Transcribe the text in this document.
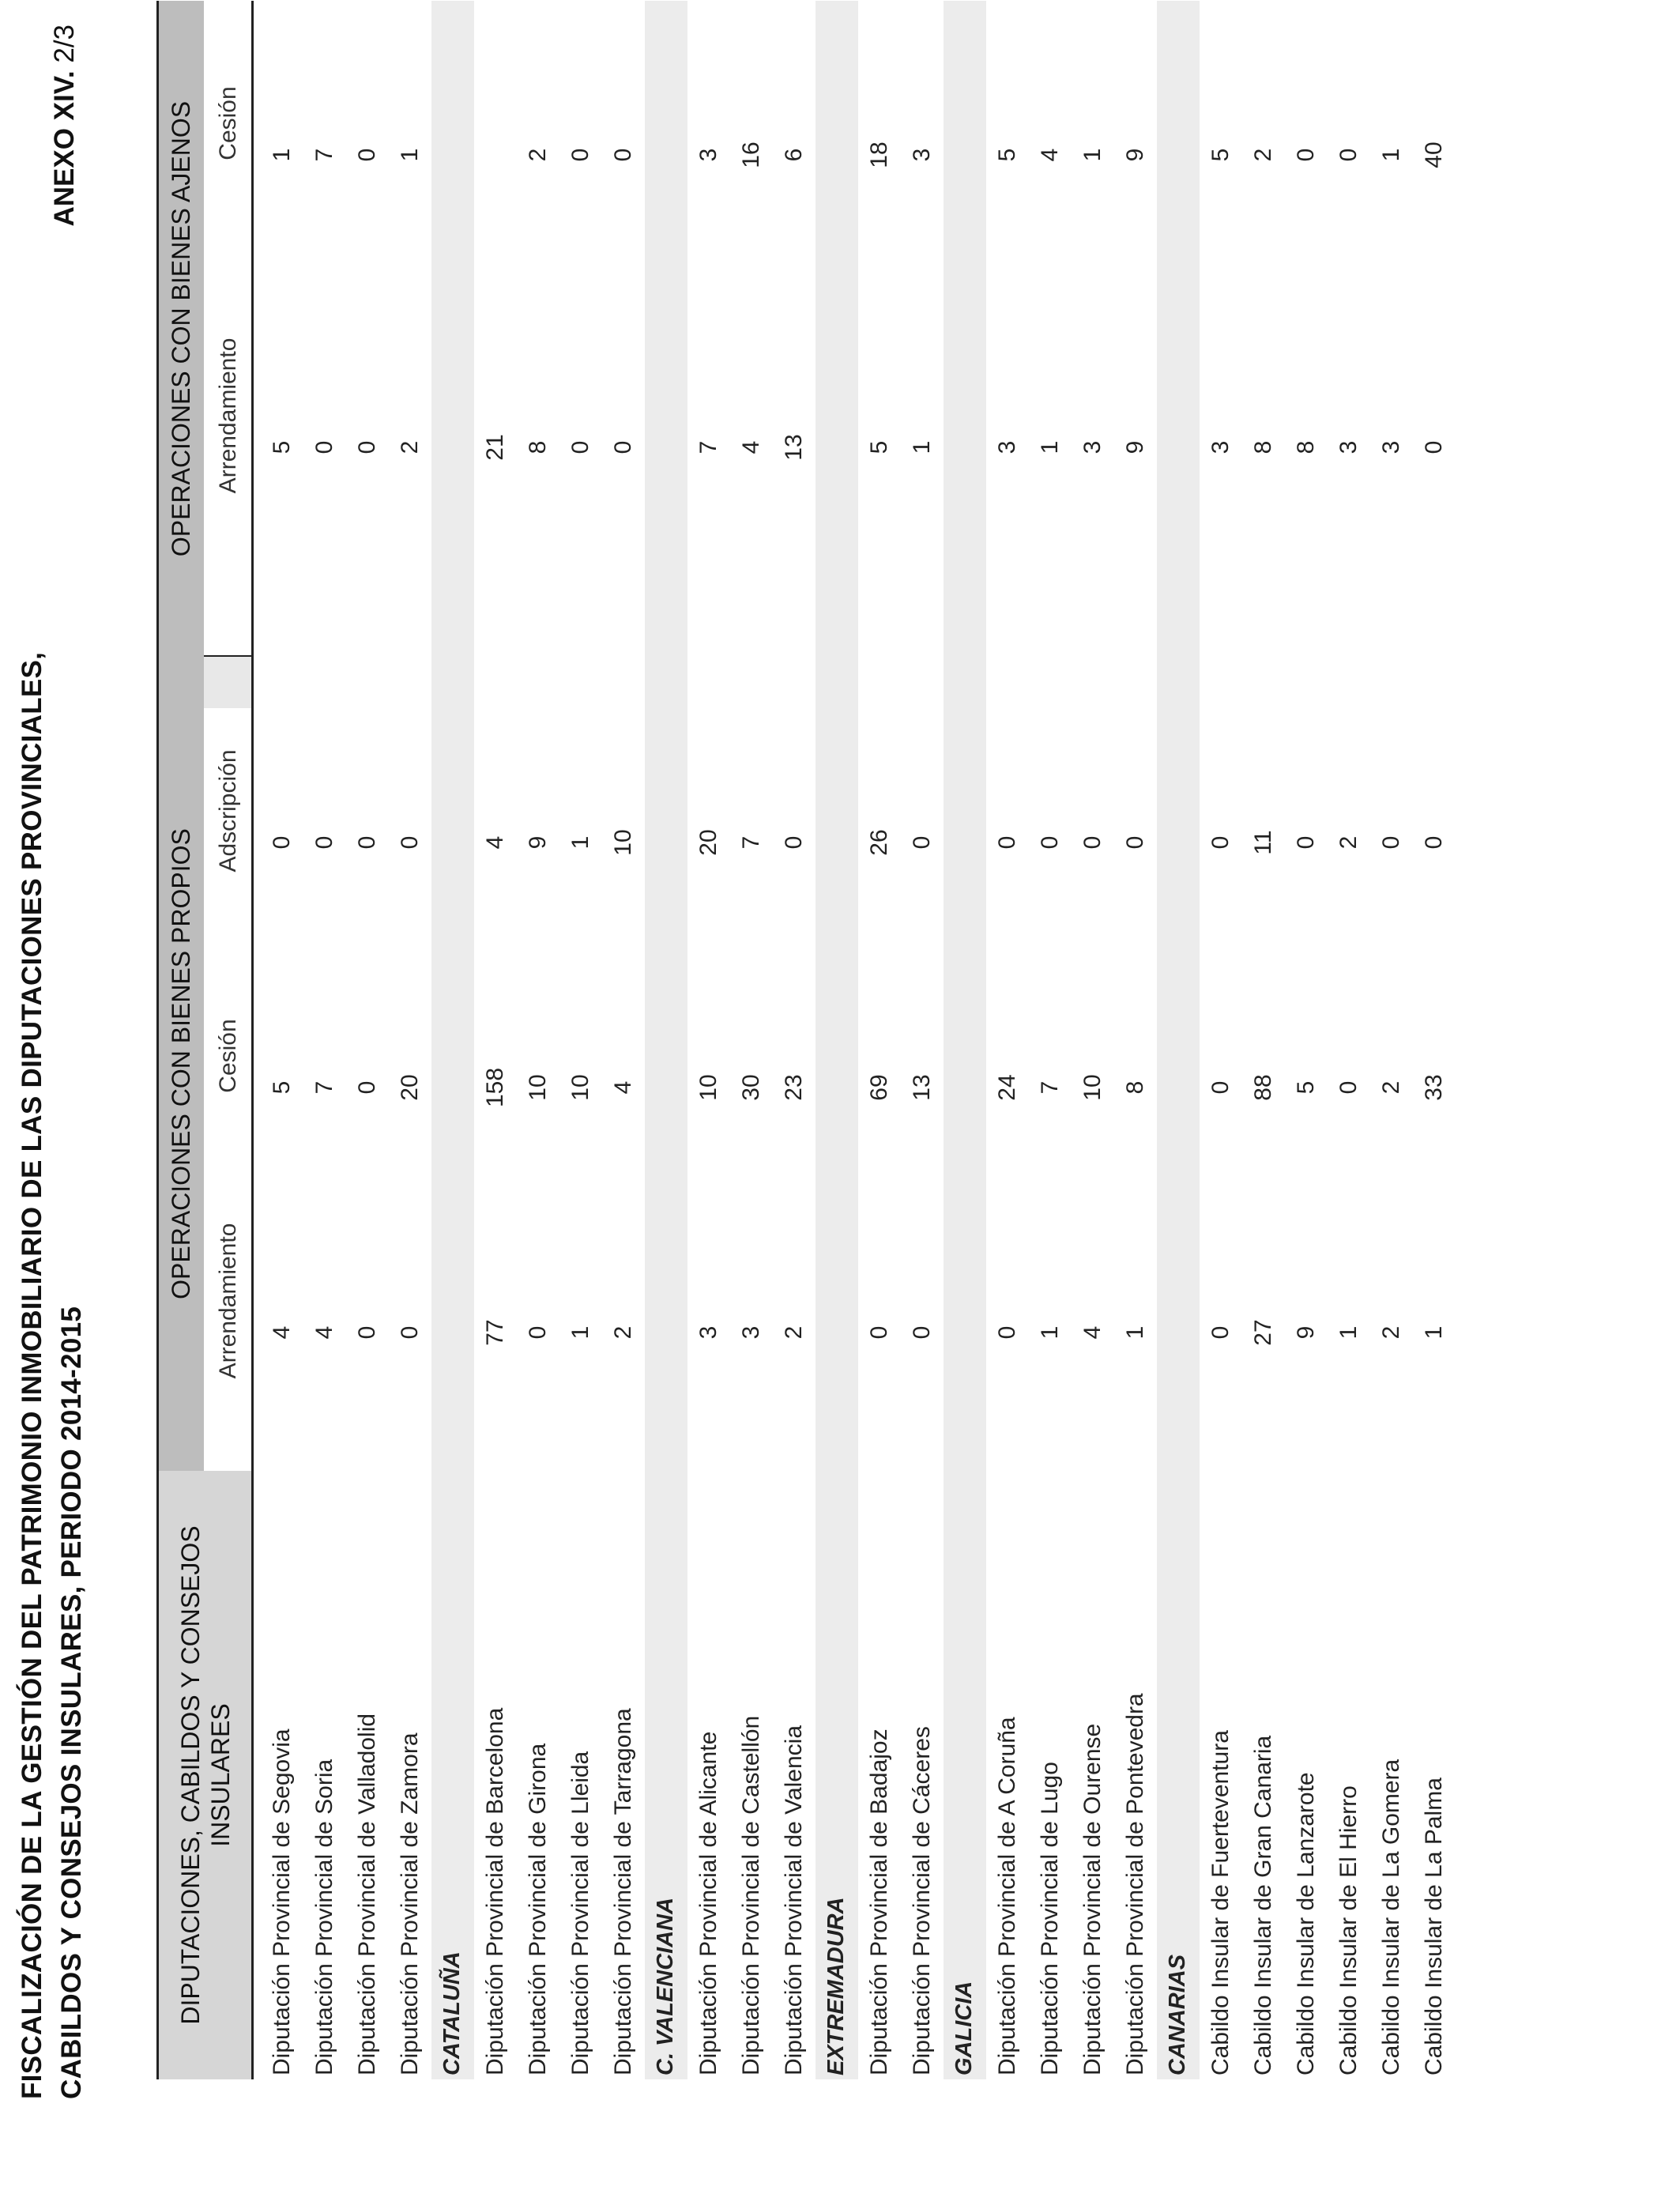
FISCALIZACIÓN DE LA GESTIÓN DEL PATRIMONIO INMOBILIARIO DE LAS DIPUTACIONES PROVINCIALES, CABILDOS Y CONSEJOS INSULARES, PERIODO 2014-2015
ANEXO XIV. 2/3
DIPUTACIONES, CABILDOS Y CONSEJOS INSULARES
OPERACIONES CON BIENES PROPIOS
OPERACIONES CON BIENES AJENOS
Arrendamiento
Cesión
Adscripción
Arrendamiento
Cesión
Diputación Provincial de Segovia
4
5
0
5
1
Diputación Provincial de Soria
4
7
0
0
7
Diputación Provincial de Valladolid
0
0
0
0
0
Diputación Provincial de Zamora
0
20
0
2
1
CATALUÑA Diputación Provincial de Barcelona
77
158
4
21
Diputación Provincial de Girona
0
10
9
8
2
Diputación Provincial de Lleida
1
10
1
0
0
Diputación Provincial de Tarragona
2
4
10
0
0
C. VALENCIANA Diputación Provincial de Alicante
3
10
20
7
3
Diputación Provincial de Castellón
3
30
7
4
16
Diputación Provincial de Valencia
2
23
0
13
6
EXTREMADURA Diputación Provincial de Badajoz
0
69
26
5
18
Diputación Provincial de Cáceres
0
13
0
1
3
GALICIA Diputación Provincial de A Coruña
0
24
0
3
5
Diputación Provincial de Lugo
1
7
0
1
4
Diputación Provincial de Ourense
4
10
0
3
1
Diputación Provincial de Pontevedra
1
8
0
9
9
CANARIAS Cabildo Insular de Fuerteventura
0
0
0
3
5
Cabildo Insular de Gran Canaria
27
88
11
8
2
Cabildo Insular de Lanzarote
9
5
0
8
0
Cabildo Insular de El Hierro
1
0
2
3
0
Cabildo Insular de La Gomera
2
2
0
3
1
Cabildo Insular de La Palma
1
33
0
0
40
